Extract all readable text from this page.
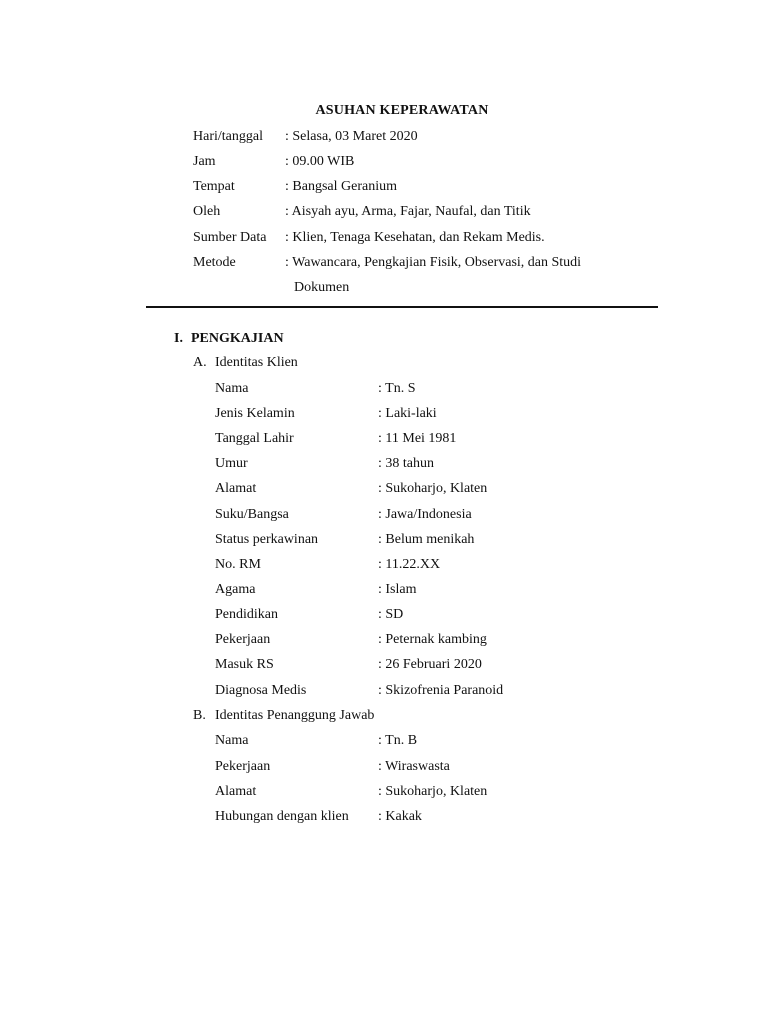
ASUHAN KEPERAWATAN
Hari/tanggal : Selasa, 03 Maret 2020
Jam	: 09.00 WIB
Tempat	: Bangsal Geranium
Oleh	: Aisyah ayu, Arma, Fajar, Naufal, dan Titik
Sumber Data : Klien, Tenaga Kesehatan, dan Rekam Medis.
Metode	: Wawancara, Pengkajian Fisik, Observasi, dan Studi
Dokumen
I. PENGKAJIAN
A. Identitas Klien
Nama	: Tn. S
Jenis Kelamin	: Laki-laki
Tanggal Lahir	: 11 Mei 1981
Umur	: 38 tahun
Alamat	: Sukoharjo, Klaten
Suku/Bangsa	: Jawa/Indonesia
Status perkawinan	: Belum menikah
No. RM	: 11.22.XX
Agama	: Islam
Pendidikan	: SD
Pekerjaan	: Peternak kambing
Masuk RS	: 26 Februari 2020
Diagnosa Medis	: Skizofrenia Paranoid
B. Identitas Penanggung Jawab
Nama	: Tn. B
Pekerjaan	: Wiraswasta
Alamat	: Sukoharjo, Klaten
Hubungan dengan klien : Kakak
